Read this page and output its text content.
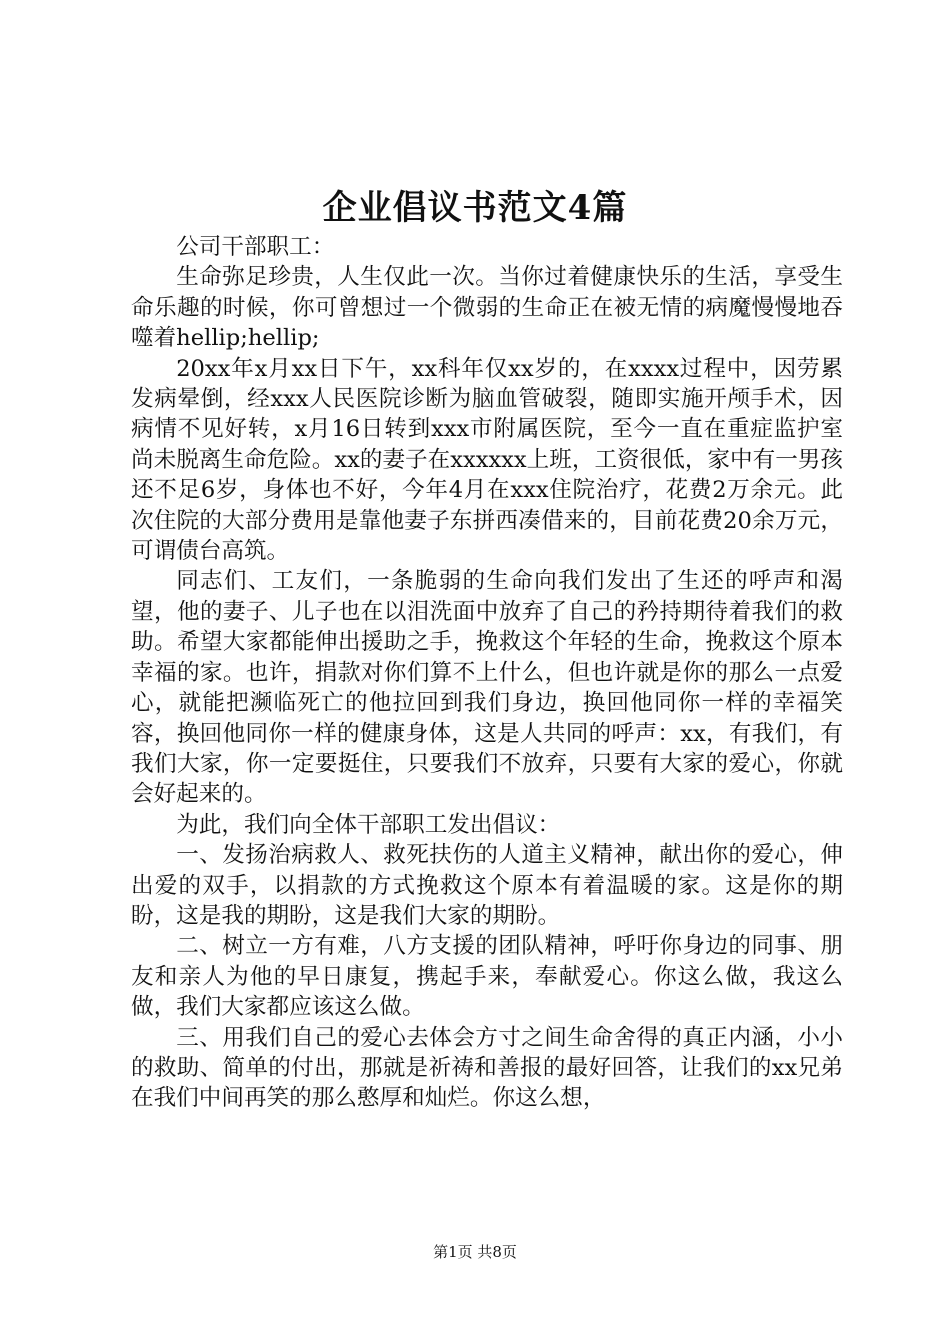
企业倡议书范文4篇

公司干部职工：

生命弥足珍贵，人生仅此一次。当你过着健康快乐的生活，享受生命乐趣的时候，你可曾想过一个微弱的生命正在被无情的病魔慢慢地吞噬着hellip;hellip;

20xx年x月xx日下午，xx科年仅xx岁的，在xxxx过程中，因劳累发病晕倒，经xxx人民医院诊断为脑血管破裂，随即实施开颅手术，因病情不见好转，x月16日转到xxx市附属医院，至今一直在重症监护室尚未脱离生命危险。xx的妻子在xxxxxx上班，工资很低，家中有一男孩还不足6岁，身体也不好，今年4月在xxx住院治疗，花费2万余元。此次住院的大部分费用是靠他妻子东拼西凑借来的，目前花费20余万元，可谓债台高筑。

同志们、工友们，一条脆弱的生命向我们发出了生还的呼声和渴望，他的妻子、儿子也在以泪洗面中放弃了自己的矜持期待着我们的救助。希望大家都能伸出援助之手，挽救这个年轻的生命，挽救这个原本幸福的家。也许，捐款对你们算不上什么，但也许就是你的那么一点爱心，就能把濒临死亡的他拉回到我们身边，换回他同你一样的幸福笑容，换回他同你一样的健康身体，这是人共同的呼声：xx，有我们，有我们大家，你一定要挺住，只要我们不放弃，只要有大家的爱心，你就会好起来的。

为此，我们向全体干部职工发出倡议：

一、发扬治病救人、救死扶伤的人道主义精神，献出你的爱心，伸出爱的双手，以捐款的方式挽救这个原本有着温暖的家。这是你的期盼，这是我的期盼，这是我们大家的期盼。

二、树立一方有难，八方支援的团队精神，呼吁你身边的同事、朋友和亲人为他的早日康复，携起手来，奉献爱心。你这么做，我这么做，我们大家都应该这么做。

三、用我们自己的爱心去体会方寸之间生命舍得的真正内涵，小小的救助、简单的付出，那就是祈祷和善报的最好回答，让我们的xx兄弟在我们中间再笑的那么憨厚和灿烂。你这么想，

第1页 共8页
